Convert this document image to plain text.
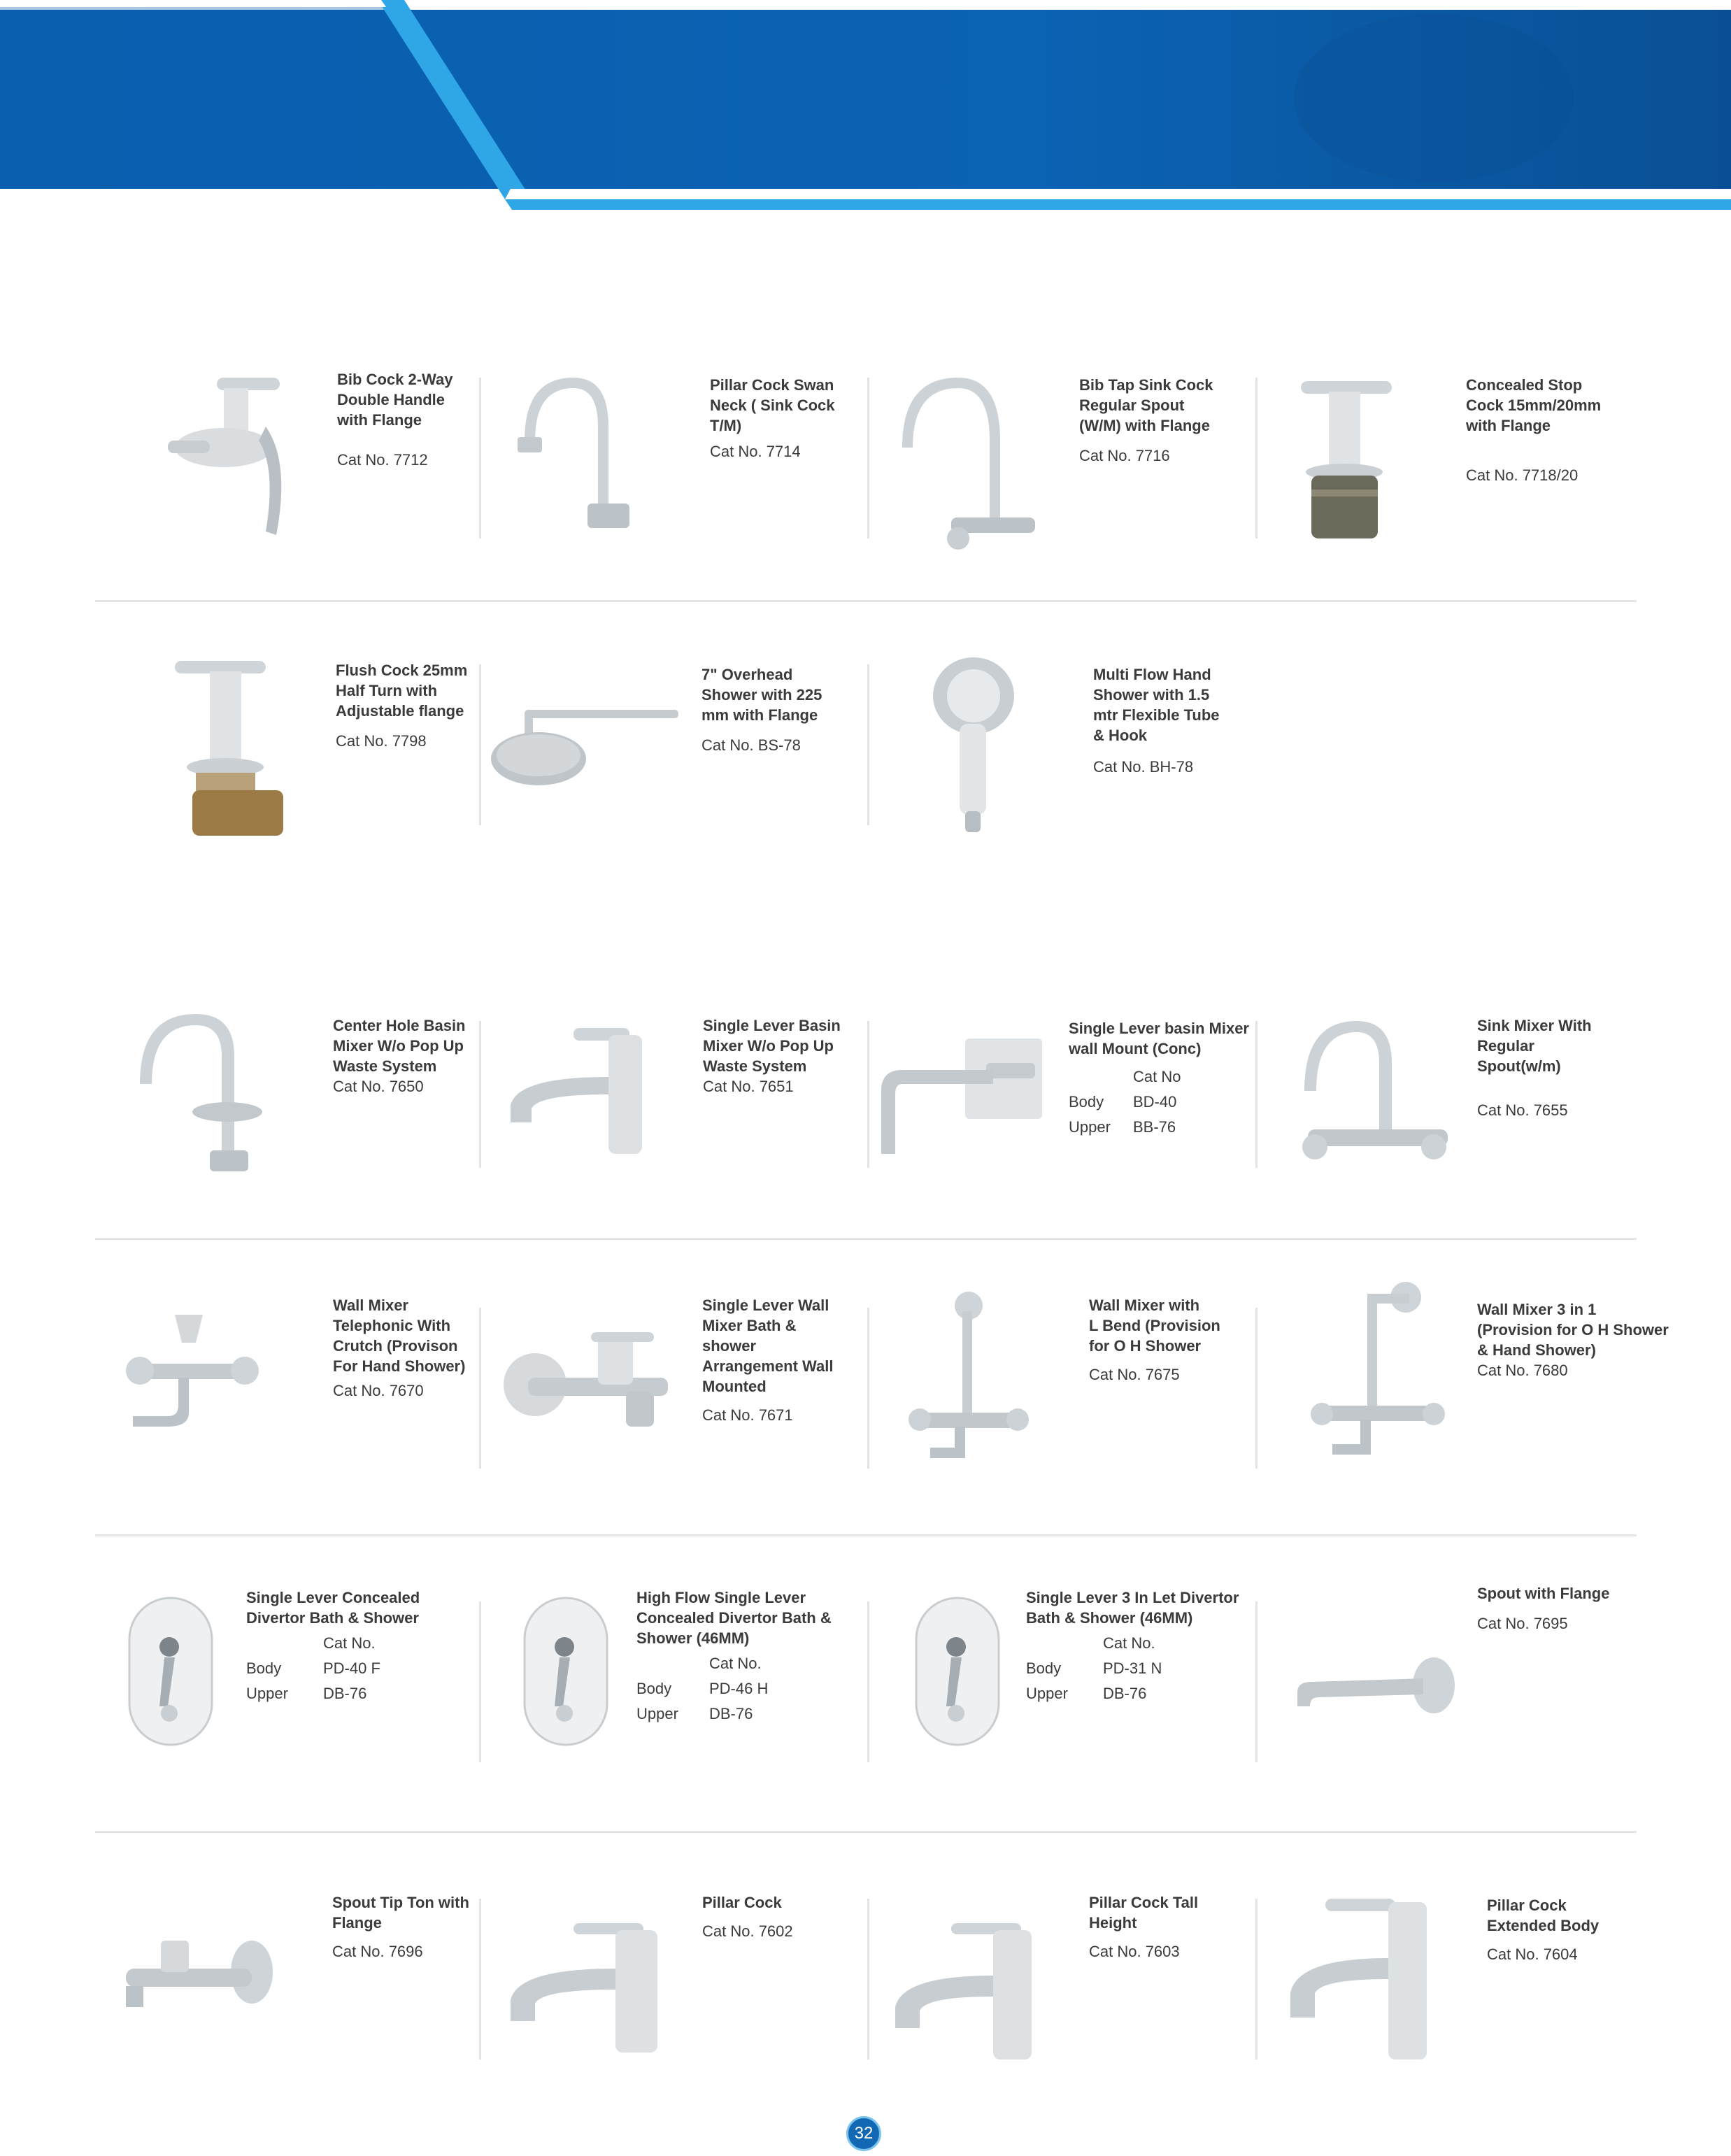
Bib Cock 2-Way
Double Handle
with Flange
Cat No. 7712
Pillar Cock Swan
Neck ( Sink Cock
T/M)
Cat No. 7714
Bib Tap Sink Cock
Regular Spout
(W/M) with Flange
Cat No. 7716
Concealed Stop
Cock 15mm/20mm
with Flange
Cat No. 7718/20
Flush Cock 25mm
Half Turn with
Adjustable flange
Cat No. 7798
7" Overhead
Shower with 225
mm with Flange
Cat No. BS-78
Multi Flow Hand
Shower with 1.5
mtr Flexible Tube
& Hook
Cat No. BH-78
Center Hole Basin
Mixer W/o Pop Up
Waste System
Cat No. 7650
Single Lever Basin
Mixer W/o Pop Up
Waste System
Cat No. 7651
Single Lever basin Mixer
wall Mount (Conc)
Cat No
Body	BD-40
Upper	BB-76
Sink Mixer With
Regular
Spout(w/m)
Cat No. 7655
Wall Mixer
Telephonic With
Crutch (Provison
For Hand Shower)
Cat No. 7670
Single Lever Wall
Mixer Bath &
shower
Arrangement Wall
Mounted
Cat No. 7671
Wall Mixer with
L Bend (Provision
for O H Shower
Cat No. 7675
Wall Mixer 3 in 1
(Provision for O H Shower
& Hand Shower)
Cat No. 7680
Single Lever Concealed
Divertor Bath & Shower
Cat No.
Body	PD-40 F
Upper	DB-76
High Flow Single Lever
Concealed Divertor Bath &
Shower (46MM)
Cat No.
Body	PD-46 H
Upper	DB-76
Single Lever 3 In Let Divertor
Bath & Shower (46MM)
Cat No.
Body	PD-31 N
Upper	DB-76
Spout with Flange
Cat No. 7695
Spout Tip Ton with
Flange
Cat No. 7696
Pillar Cock
Cat No. 7602
Pillar Cock Tall
Height
Cat No. 7603
Pillar Cock
Extended Body
Cat No. 7604
32
